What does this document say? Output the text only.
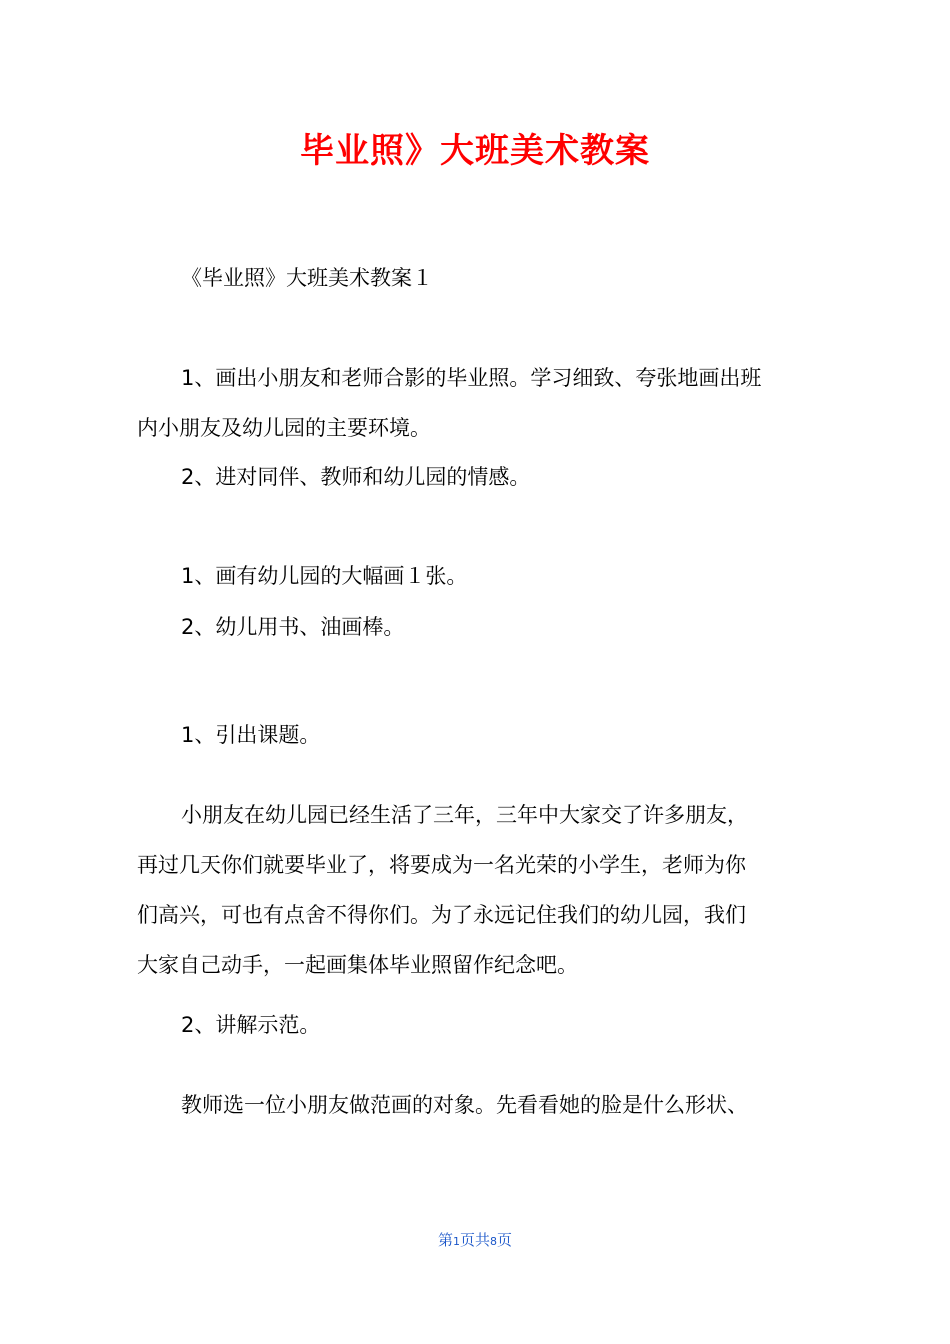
毕业照》大班美术教案
《毕业照》大班美术教案１
1、画出小朋友和老师合影的毕业照。学习细致、夸张地画出班
内小朋友及幼儿园的主要环境。
2、进对同伴、教师和幼儿园的情感。
1、画有幼儿园的大幅画１张。
2、幼儿用书、油画棒。
1、引出课题。
小朋友在幼儿园已经生活了三年，三年中大家交了许多朋友，
再过几天你们就要毕业了，将要成为一名光荣的小学生，老师为你
们高兴，可也有点舍不得你们。为了永远记住我们的幼儿园，我们
大家自己动手，一起画集体毕业照留作纪念吧。
2、讲解示范。
教师选一位小朋友做范画的对象。先看看她的脸是什么形状、
第1页共8页
